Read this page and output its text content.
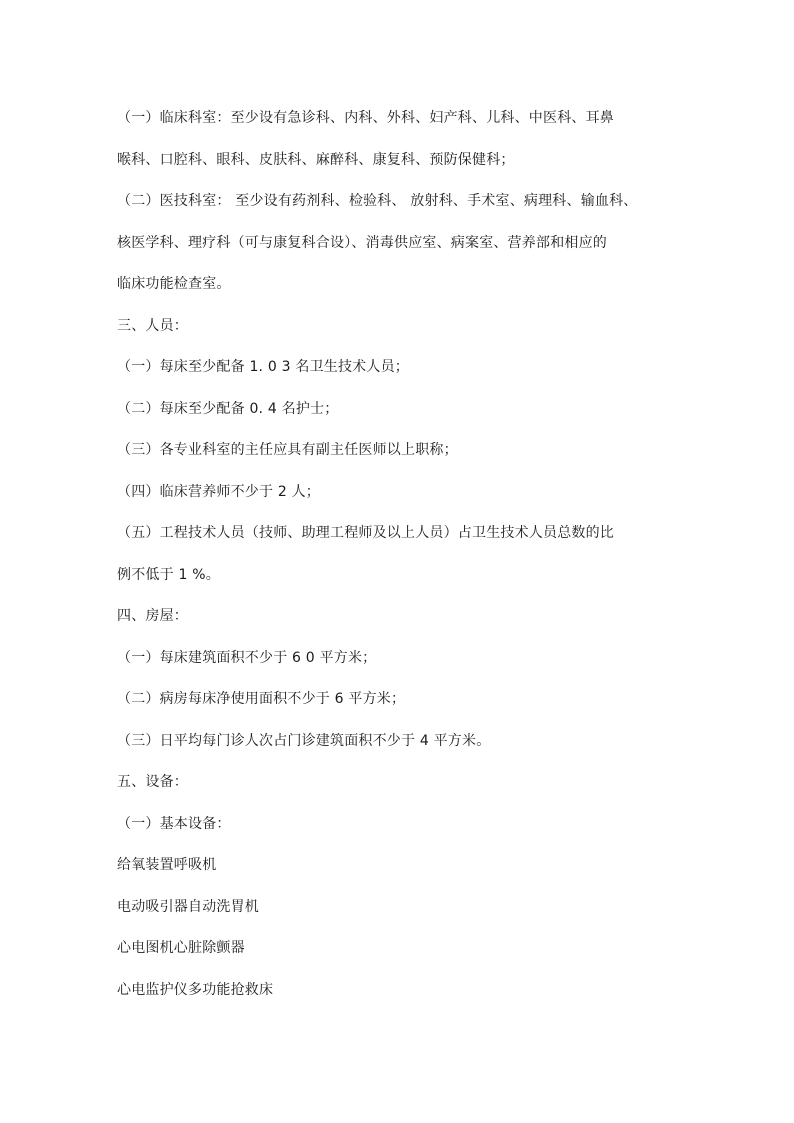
（一）临床科室：至少设有急诊科、内科、外科、妇产科、儿科、中医科、耳鼻
喉科、口腔科、眼科、皮肤科、麻醉科、康复科、预防保健科；
（二）医技科室： 至少设有药剂科、检验科、 放射科、手术室、病理科、输血科、
核医学科、理疗科（可与康复科合设）、消毒供应室、病案室、营养部和相应的
临床功能检查室。
三、人员：
（一）每床至少配备 1. 0 3 名卫生技术人员；
（二）每床至少配备 0. 4 名护士；
（三）各专业科室的主任应具有副主任医师以上职称；
（四）临床营养师不少于 2 人；
（五）工程技术人员（技师、助理工程师及以上人员）占卫生技术人员总数的比
例不低于 1 %。
四、房屋：
（一）每床建筑面积不少于 6 0 平方米；
（二）病房每床净使用面积不少于 6 平方米；
（三）日平均每门诊人次占门诊建筑面积不少于 4 平方米。
五、设备：
（一）基本设备：
给氧装置呼吸机
电动吸引器自动洗胃机
心电图机心脏除颤器
心电监护仪多功能抢救床
